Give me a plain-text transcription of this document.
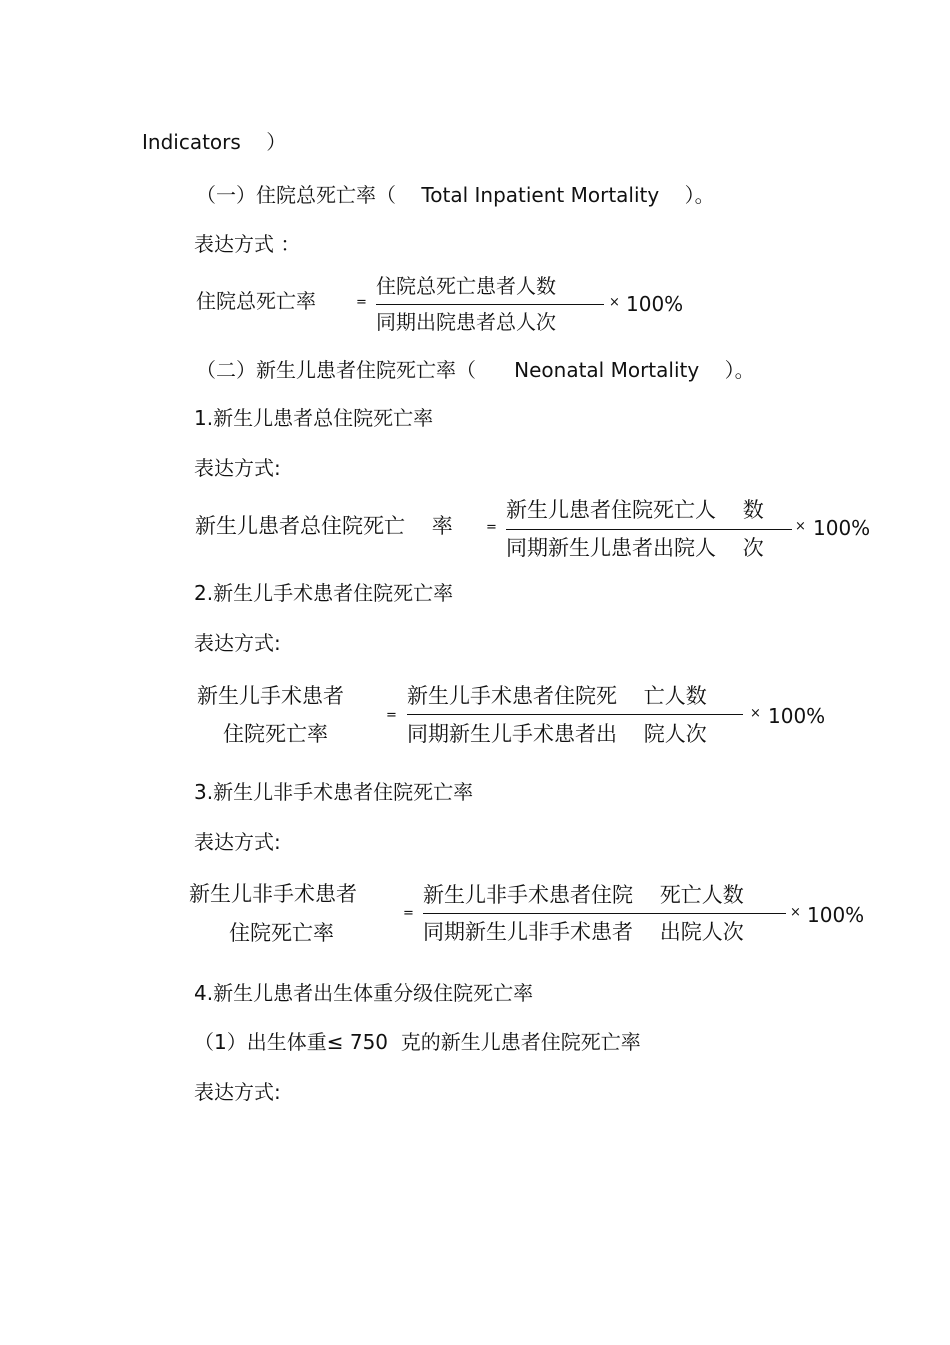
Indicators    ）
（一）住院总死亡率（    Total Inpatient Mortality    ）。
表达方式 ：
住院总死亡率	=
住院总死亡患者人数
同期出院患者总人次
× 100%
（二）新生儿患者住院死亡率（      Neonatal Mortality    ）。
1.新生儿患者总住院死亡率
表达方式:
新生儿患者总住院死亡    率	=
新生儿患者住院死亡人    数
同期新生儿患者出院人    次
× 100%
2.新生儿手术患者住院死亡率
表达方式:
新生儿手术患者
住院死亡率
=
新生儿手术患者住院死    亡人数
同期新生儿手术患者出    院人次
× 100%
3.新生儿非手术患者住院死亡率
表达方式:
新生儿非手术患者
住院死亡率
=
新生儿非手术患者住院    死亡人数
同期新生儿非手术患者    出院人次
× 100%
4.新生儿患者出生体重分级住院死亡率
（1）出生体重≤ 750  克的新生儿患者住院死亡率
表达方式:
